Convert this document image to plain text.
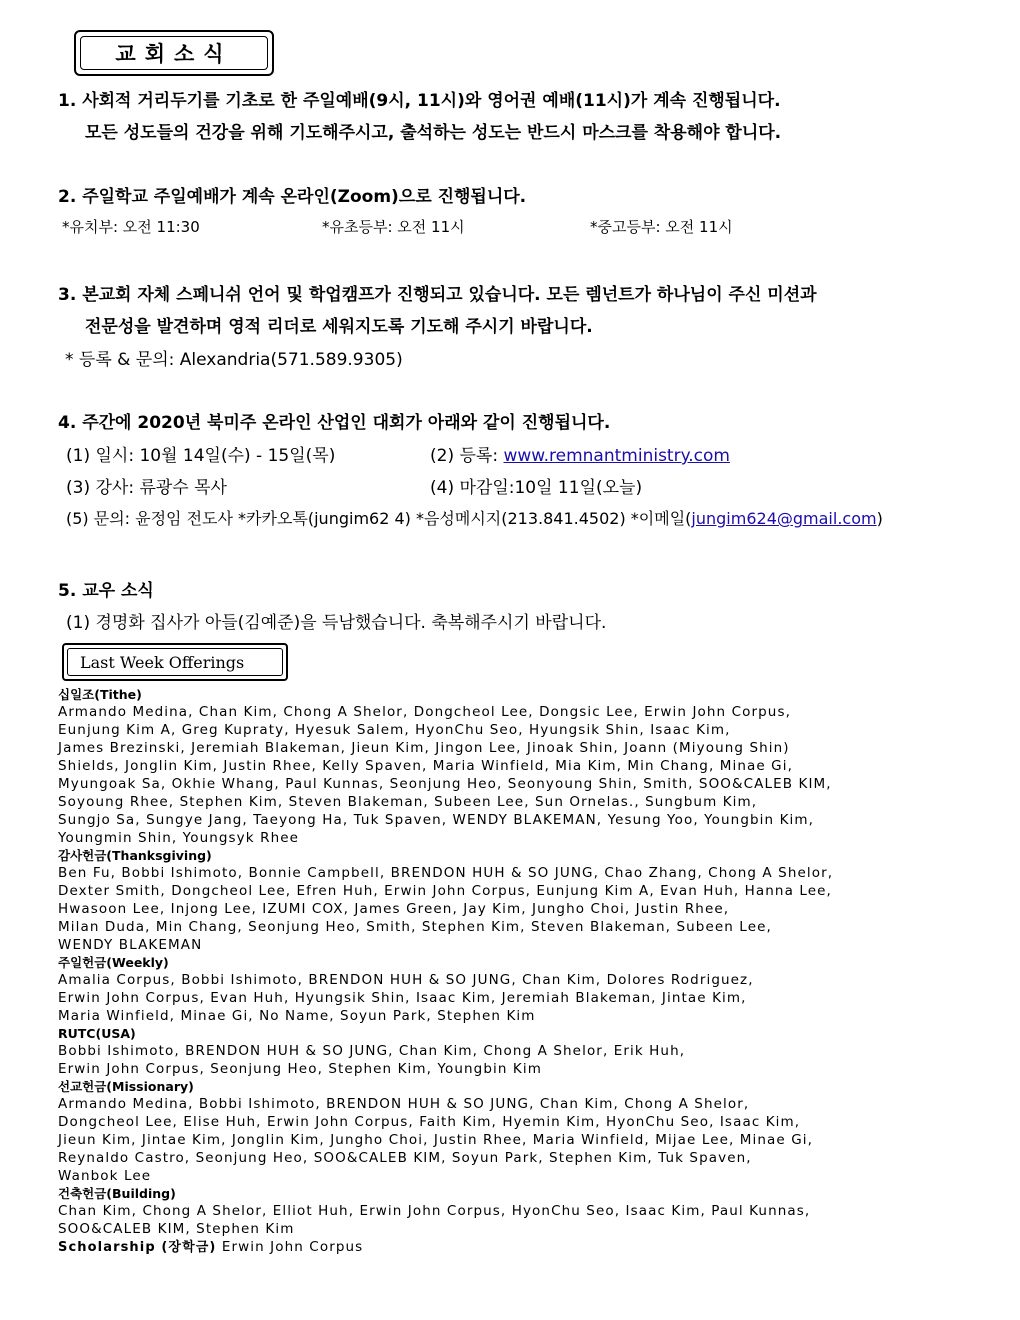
교회소식
1. 사회적 거리두기를 기초로 한 주일예배(9시, 11시)와 영어권 예배(11시)가 계속 진행됩니다.
모든 성도들의 건강을 위해 기도해주시고, 출석하는 성도는 반드시 마스크를 착용해야 합니다.
2. 주일학교 주일예배가 계속 온라인(Zoom)으로 진행됩니다.
*유치부: 오전 11:30	*유초등부: 오전 11시	*중고등부: 오전 11시
3. 본교회 자체 스페니쉬 언어 및 학업캠프가 진행되고 있습니다. 모든 렘넌트가 하나님이 주신 미션과
전문성을 발견하며 영적 리더로 세워지도록 기도해 주시기 바랍니다.
* 등록 & 문의: Alexandria(571.589.9305)
4. 주간에 2020년 북미주 온라인 산업인 대회가 아래와 같이 진행됩니다.
(1) 일시: 10월 14일(수) - 15일(목)	(2) 등록: www.remnantministry.com
(3) 강사: 류광수 목사	(4) 마감일:10일 11일(오늘)
(5) 문의: 윤정임 전도사 *카카오톡(jungim62 4) *음성메시지(213.841.4502) *이메일(jungim624@gmail.com)
5. 교우 소식
(1) 경명화 집사가 아들(김예준)을 득남했습니다. 축복해주시기 바랍니다.
Last Week Offerings
십일조(Tithe)
Armando Medina, Chan Kim, Chong A Shelor, Dongcheol Lee, Dongsic Lee, Erwin John Corpus,
Eunjung Kim A, Greg Kupraty, Hyesuk Salem, HyonChu Seo, Hyungsik Shin, Isaac Kim,
James Brezinski, Jeremiah Blakeman, Jieun Kim, Jingon Lee, Jinoak Shin, Joann (Miyoung Shin)
Shields, Jonglin Kim, Justin Rhee, Kelly Spaven, Maria Winfield, Mia Kim, Min Chang, Minae Gi,
Myungoak Sa, Okhie Whang, Paul Kunnas, Seonjung Heo, Seonyoung Shin, Smith, SOO&CALEB KIM,
Soyoung Rhee, Stephen Kim, Steven Blakeman, Subeen Lee, Sun Ornelas., Sungbum Kim,
Sungjo Sa, Sungye Jang, Taeyong Ha, Tuk Spaven, WENDY BLAKEMAN, Yesung Yoo, Youngbin Kim,
Youngmin Shin, Youngsyk Rhee
감사헌금(Thanksgiving)
Ben Fu, Bobbi Ishimoto, Bonnie Campbell, BRENDON HUH & SO JUNG, Chao Zhang, Chong A Shelor,
Dexter Smith, Dongcheol Lee, Efren Huh, Erwin John Corpus, Eunjung Kim A, Evan Huh, Hanna Lee,
Hwasoon Lee, Injong Lee, IZUMI COX, James Green, Jay Kim, Jungho Choi, Justin Rhee,
Milan Duda, Min Chang, Seonjung Heo, Smith, Stephen Kim, Steven Blakeman, Subeen Lee,
WENDY BLAKEMAN
주일헌금(Weekly)
Amalia Corpus, Bobbi Ishimoto, BRENDON HUH & SO JUNG, Chan Kim, Dolores Rodriguez,
Erwin John Corpus, Evan Huh, Hyungsik Shin, Isaac Kim, Jeremiah Blakeman, Jintae Kim,
Maria Winfield, Minae Gi, No Name, Soyun Park, Stephen Kim
RUTC(USA)
Bobbi Ishimoto, BRENDON HUH & SO JUNG, Chan Kim, Chong A Shelor, Erik Huh,
Erwin John Corpus, Seonjung Heo, Stephen Kim, Youngbin Kim
선교헌금(Missionary)
Armando Medina, Bobbi Ishimoto, BRENDON HUH & SO JUNG, Chan Kim, Chong A Shelor,
Dongcheol Lee, Elise Huh, Erwin John Corpus, Faith Kim, Hyemin Kim, HyonChu Seo, Isaac Kim,
Jieun Kim, Jintae Kim, Jonglin Kim, Jungho Choi, Justin Rhee, Maria Winfield, Mijae Lee, Minae Gi,
Reynaldo Castro, Seonjung Heo, SOO&CALEB KIM, Soyun Park, Stephen Kim, Tuk Spaven,
Wanbok Lee
건축헌금(Building)
Chan Kim, Chong A Shelor, Elliot Huh, Erwin John Corpus, HyonChu Seo, Isaac Kim, Paul Kunnas,
SOO&CALEB KIM, Stephen Kim
Scholarship (장학금) Erwin John Corpus
